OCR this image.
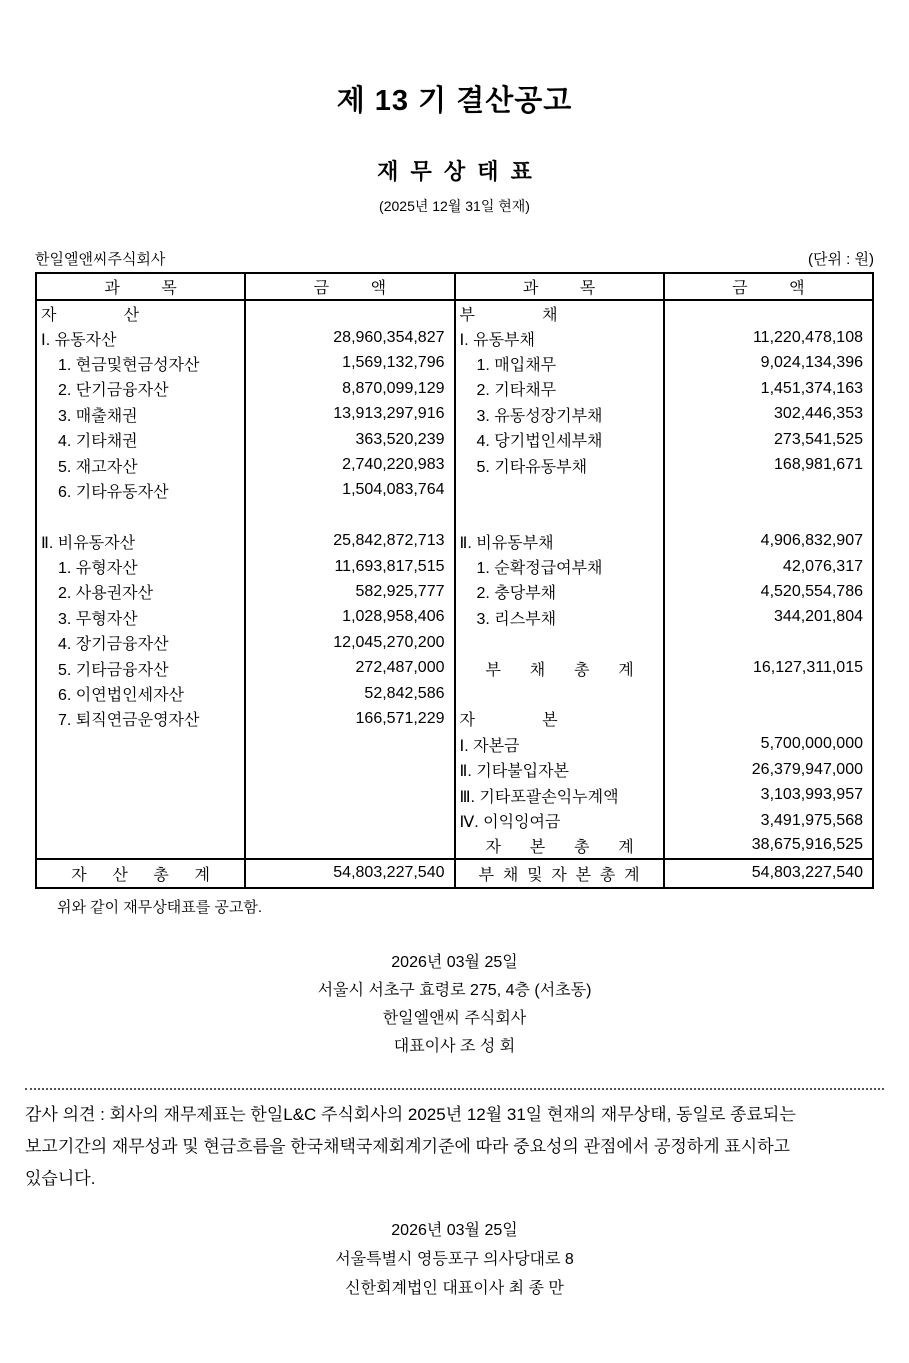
제 13 기 결산공고
재무상태표
(2025년 12월 31일 현재)
한일엘앤씨주식회사	(단위 : 원)
과목	금액	과목	금액
자산		부채	
Ⅰ. 유동자산	28,960,354,827	Ⅰ. 유동부채	11,220,478,108
1. 현금및현금성자산	1,569,132,796	1. 매입채무	9,024,134,396
2. 단기금융자산	8,870,099,129	2. 기타채무	1,451,374,163
3. 매출채권	13,913,297,916	3. 유동성장기부채	302,446,353
4. 기타채권	363,520,239	4. 당기법인세부채	273,541,525
5. 재고자산	2,740,220,983	5. 기타유동부채	168,981,671
6. 기타유동자산	1,504,083,764		

Ⅱ. 비유동자산	25,842,872,713	Ⅱ. 비유동부채	4,906,832,907
1. 유형자산	11,693,817,515	1. 순확정급여부채	42,076,317
2. 사용권자산	582,925,777	2. 충당부채	4,520,554,786
3. 무형자산	1,028,958,406	3. 리스부채	344,201,804
4. 장기금융자산	12,045,270,200		
5. 기타금융자산	272,487,000	부채총계	16,127,311,015
6. 이연법인세자산	52,842,586		
7. 퇴직연금운영자산	166,571,229	자본	
		Ⅰ. 자본금	5,700,000,000
		Ⅱ. 기타불입자본	26,379,947,000
		Ⅲ. 기타포괄손익누계액	3,103,993,957
		Ⅳ. 이익잉여금	3,491,975,568
		자본총계	38,675,916,525
자산총계	54,803,227,540	부채및자본총계	54,803,227,540
위와 같이 재무상태표를 공고함.
2026년 03월 25일
서울시 서초구 효령로 275, 4층 (서초동)
한일엘앤씨 주식회사
대표이사 조 성 회
감사 의견 : 회사의 재무제표는 한일L&C 주식회사의 2025년 12월 31일 현재의 재무상태, 동일로 종료되는
보고기간의 재무성과 및 현금흐름을 한국채택국제회계기준에 따라 중요성의 관점에서 공정하게 표시하고
있습니다.
2026년 03월 25일
서울특별시 영등포구 의사당대로 8
신한회계법인 대표이사 최 종 만
